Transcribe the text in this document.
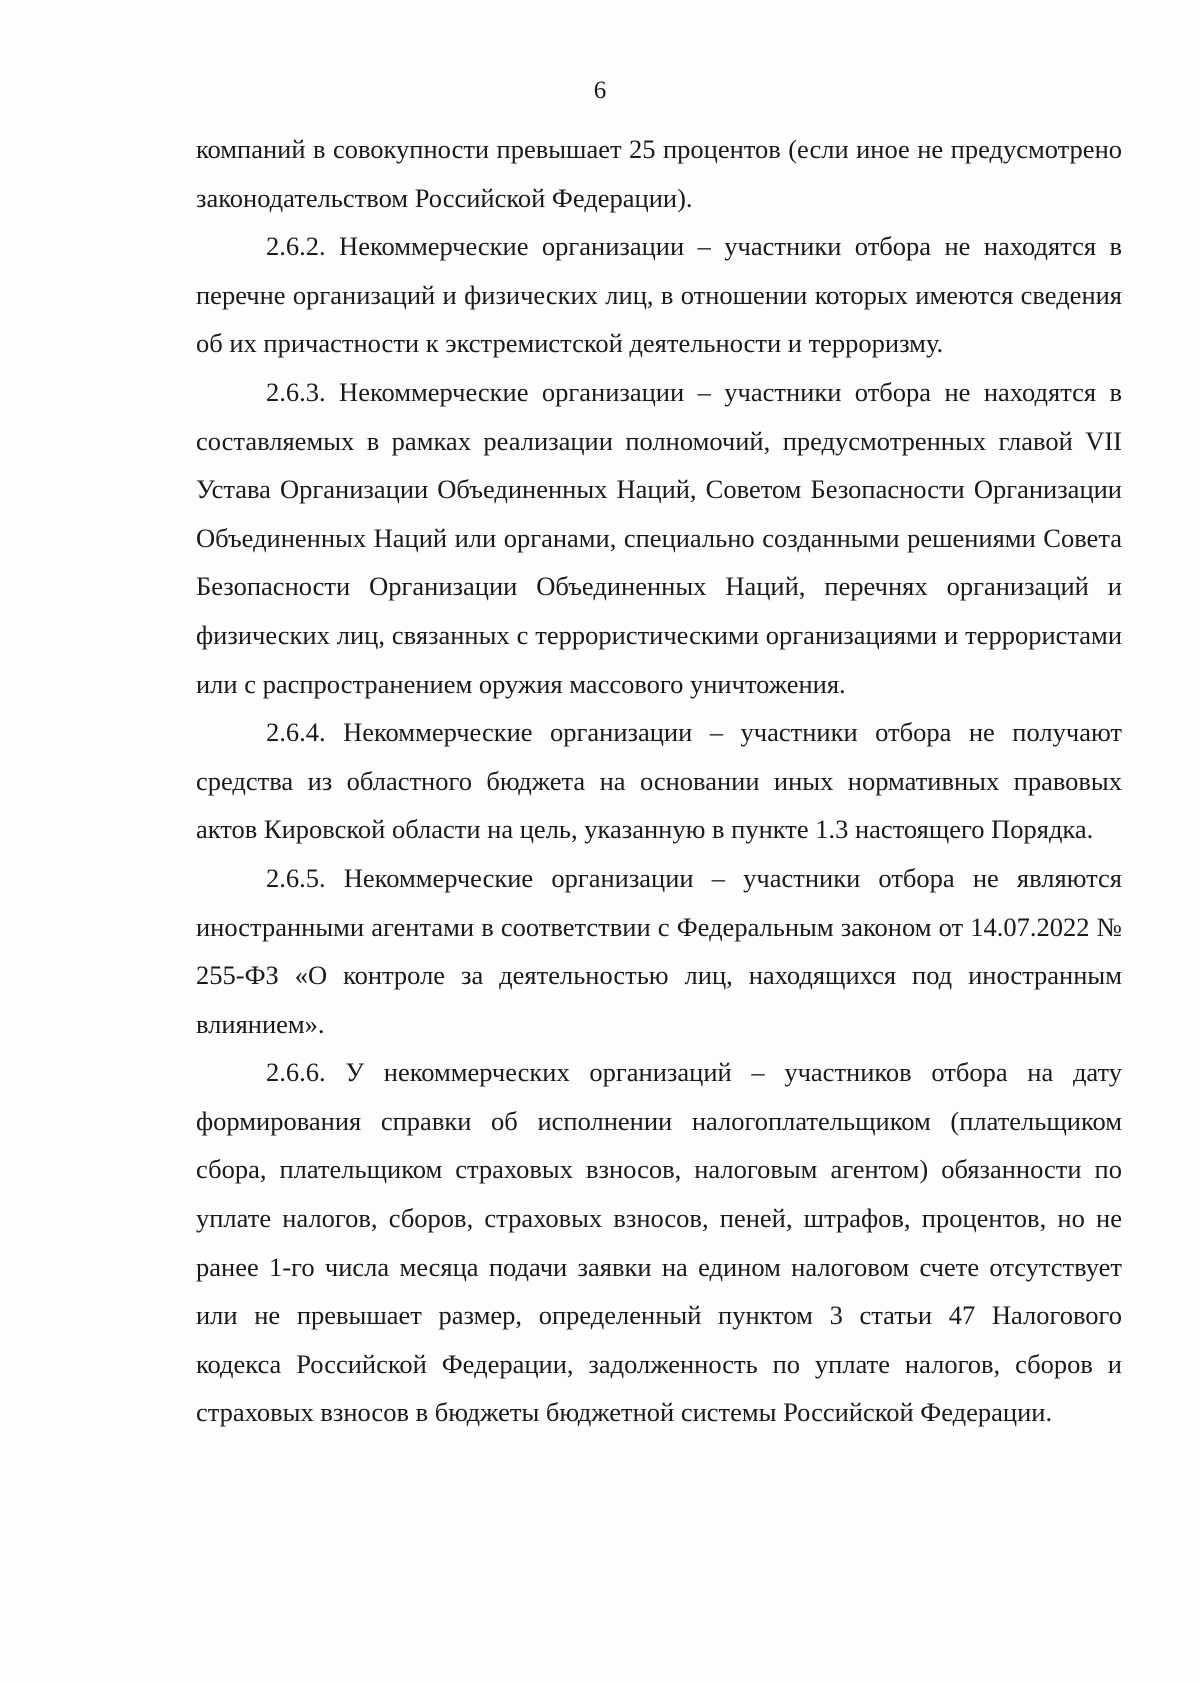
6

компаний в совокупности превышает 25 процентов (если иное не предусмотрено законодательством Российской Федерации).

2.6.2. Некоммерческие организации – участники отбора не находятся в перечне организаций и физических лиц, в отношении которых имеются сведения об их причастности к экстремистской деятельности и терроризму.

2.6.3. Некоммерческие организации – участники отбора не находятся в составляемых в рамках реализации полномочий, предусмотренных главой VII Устава Организации Объединенных Наций, Советом Безопасности Организации Объединенных Наций или органами, специально созданными решениями Совета Безопасности Организации Объединенных Наций, перечнях организаций и физических лиц, связанных с террористическими организациями и террористами или с распространением оружия массового уничтожения.

2.6.4. Некоммерческие организации – участники отбора не получают средства из областного бюджета на основании иных нормативных правовых актов Кировской области на цель, указанную в пункте 1.3 настоящего Порядка.

2.6.5. Некоммерческие организации – участники отбора не являются иностранными агентами в соответствии с Федеральным законом от 14.07.2022 № 255-ФЗ «О контроле за деятельностью лиц, находящихся под иностранным влиянием».

2.6.6. У некоммерческих организаций – участников отбора на дату формирования справки об исполнении налогоплательщиком (плательщиком сбора, плательщиком страховых взносов, налоговым агентом) обязанности по уплате налогов, сборов, страховых взносов, пеней, штрафов, процентов, но не ранее 1-го числа месяца подачи заявки на едином налоговом счете отсутствует или не превышает размер, определенный пунктом 3 статьи 47 Налогового кодекса Российской Федерации, задолженность по уплате налогов, сборов и страховых взносов в бюджеты бюджетной системы Российской Федерации.
